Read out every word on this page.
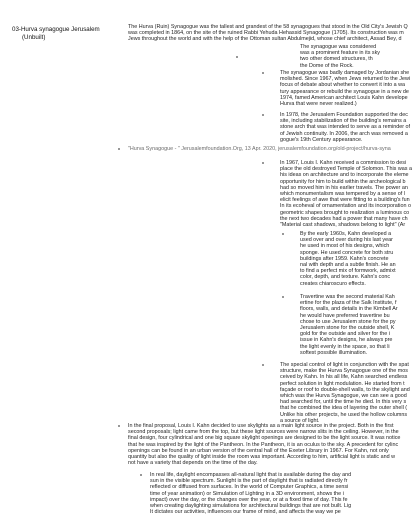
03-Hurva synagogue Jerusalem
(Unbuilt)
The Hurva (Ruin) Synagogue was the tallest and grandest of the 58 synagogues that stood in the Old City's Jewish Q
was completed in 1864, on the site of the ruined Rabbi Yehuda Hehassid Synagogue (1705). Its construction was m
Jews throughout the world and with the help of the Ottoman sultan Abdulmejid, whose chief architect, Assad Bey, d
The synagogue was considered
was a prominent feature in its sky
two other domed structures, th
the Dome of the Rock.
The synagogue was badly damaged by Jordanian she
molished. Since 1967, when Jews returned to the Jewi
focus of debate about whether to convert it into a wa
tury appearance or rebuild the synagogue in a new de
1974, famed American architect Louis Kahn develope
Hurva that were never realized.)
In 1978, the Jerusalem Foundation supported the dec
site, including stabilization of the building's remains a
stone arch that was intended to serve as a reminder of
of Jewish continuity. In 2006, the arch was removed a
gogue's 19th Century appearance.
"Hurva Synagogue - " Jerusalemfoundation.Org, 13 Apr. 2020, jerusalemfoundation.org/old-project/hurva-syna
In 1967, Louis I. Kahn received a commission to desi
place the old destroyed Temple of Solomon. This was a
his ideas on architecture and to incorporate the eleme
opportunity for him to build within the archeological b
had so moved him in his earlier travels. The power an
which monumentalism was tempered by a sense of l
elicit feelings of awe that were fitting to a building's fun
In its ecoheval of ornamentation and its incorporation o
geometric shapes brought to realization a luminous co
the next two decades had a power that many have ch
"Material cast shadows, shadows belong to light" (Ar
By the early 1960s, Kahn developed a
used over and over during his last year
he used in most of his designs, which
sponge. He used concrete for both stru
buildings after 1959. Kahn's concrete
nal with depth and a subtle finish. He an
to find a perfect mix of formwork, admixt
color, depth, and texture. Kahn's conc
creates chiaroscuro effects.
Travertine was the second material Kah
ertine for the plaza of the Salk Institute, f
floors, walls, and details in the Kimbell Ar
he would have preferred travertine bu
chose to use Jerusalem stone for the py
Jerusalem stone for the outside shell, K
gold for the outside and silver for the i
issue in Kahn's designs, he always pre
the light evenly in the space, so that li
softest possible illumination.
The special control of light in conjunction with the spat
structure, make the Hurva Synagogue one of the mos
ceived by Kahn. In his all life, Kahn searched endless
perfect solution in light modulation. He started from t
façade or roof to double-shell walls, to the skylight and
which was the Hurva Synagogue, we can see a good
had searched for, until the time he died. In this very s
that he combined the idea of layering the outer shell (
Unlike his other projects, he used the hollow columns
a source of light.
In the final proposal, Louis I. Kahn decided to use skylights as a main light source in the project. Both in the first
second proposals; light came from the top, but these light sources were narrow slits in the ceiling. However, in the
final design, four cylindrical and one big square skylight openings are designed to be the light source. It was notice
that he was inspired by the light of the Pantheon. In the Pantheon, it is an oculus to the sky. A precedent for cylinc
openings can be found in an urban version of the central hall of the Exeter Library in 1967. For Kahn, not only
quantity but also the quality of light inside the room was important. According to him, artificial light is static and w
not have a variety that depends on the time of the day.
In real life, daylight encompasses all-natural light that is available during the day and
sun in the visible spectrum. Sunlight is the part of daylight that is radiated directly fr
reflected or diffused from surfaces. In the world of Computer Graphics, a time sensi
time of year animation) or Simulation of Lighting in a 3D environment, shows the i
impact) over the day, or the changes over the year, or at a fixed time of day. This fe
when creating daylighting simulations for architectural buildings that are not built. Lig
It dictates our activities, influences our frame of mind, and affects the way we pe
